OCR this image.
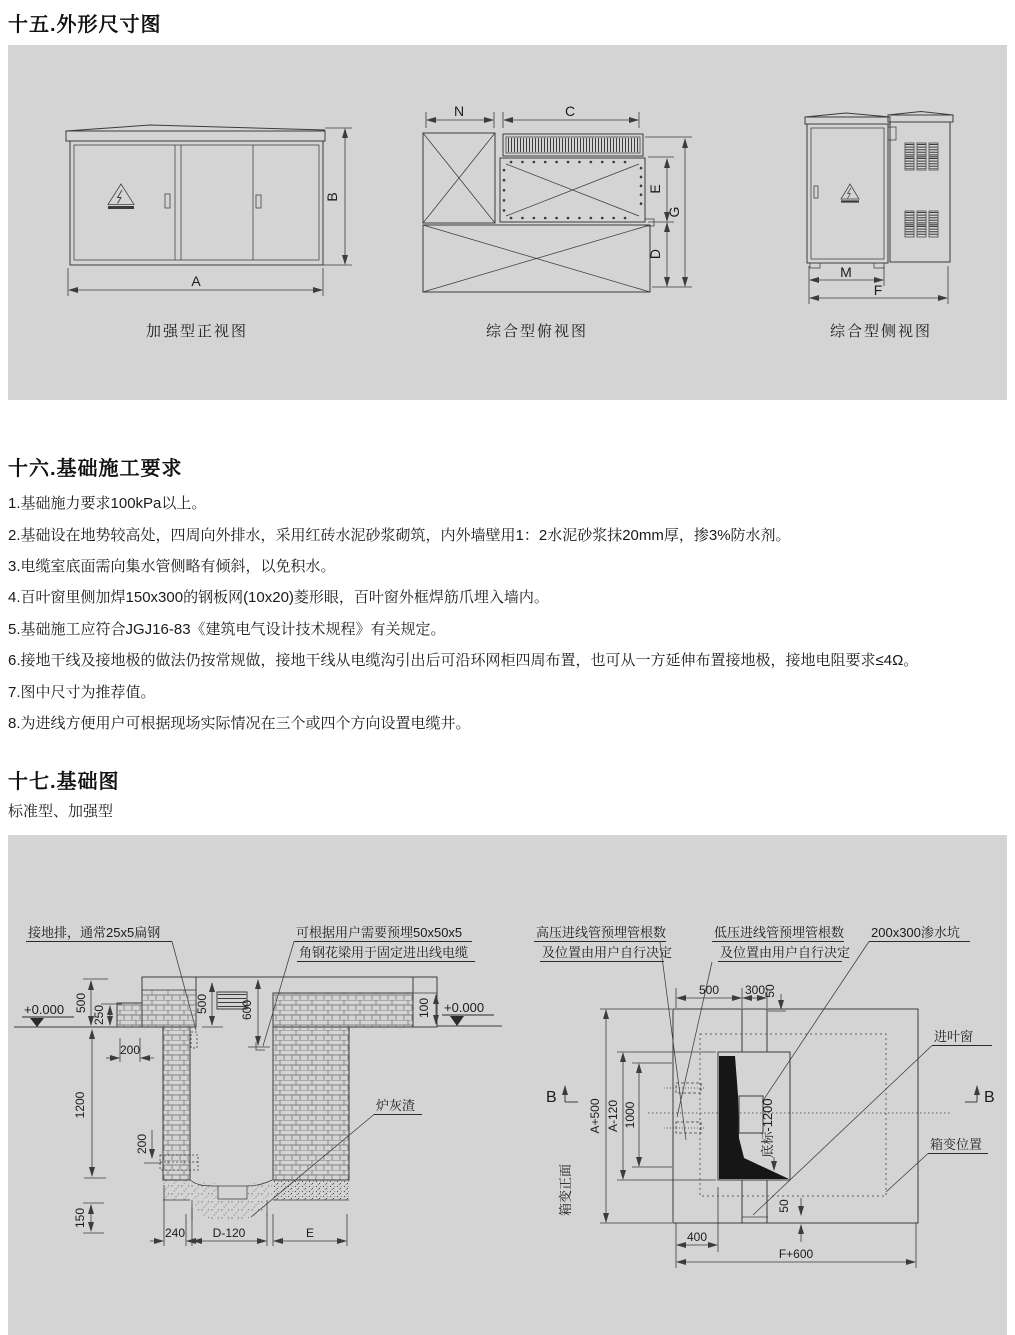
十五.外形尺寸图
B
A
加强型正视图
N	C
E
G
D
综合型俯视图
M
F
综合型侧视图
十六.基础施工要求
1.基础施力要求100kPa以上。
2.基础设在地势较高处，四周向外排水，采用红砖水泥砂浆砌筑，内外墙壁用1：2水泥砂浆抹20mm厚，掺3%防水剂。
3.电缆室底面需向集水管侧略有倾斜，以免积水。
4.百叶窗里侧加焊150x300的钢板网(10x20)菱形眼，百叶窗外框焊筋爪埋入墙内。
5.基础施工应符合JGJ16-83《建筑电气设计技术规程》有关规定。
6.接地干线及接地极的做法仍按常规做，接地干线从电缆沟引出后可沿环网柜四周布置，也可从一方延伸布置接地极，接地电阻要求≤4Ω。
7.图中尺寸为推荐值。
8.为进线方便用户可根据现场实际情况在三个或四个方向设置电缆井。
十七.基础图
标准型、加强型
接地排，通常25x5扁钢	可根据用户需要预埋50x50x5
角钢花梁用于固定进出线电缆
+0.000	+0.000
炉灰渣
500
250
200
500	600	100
1200
200
150
240 D-120	E
高压进线管预埋管根数
及位置由用户自行决定
低压进线管预埋管根数
及位置由用户自行决定
200x300渗水坑
500 300
50
A+500 A-120 1000
箱变正面
B	B
底标-1200
进叶窗
箱变位置
400
F+600
50
